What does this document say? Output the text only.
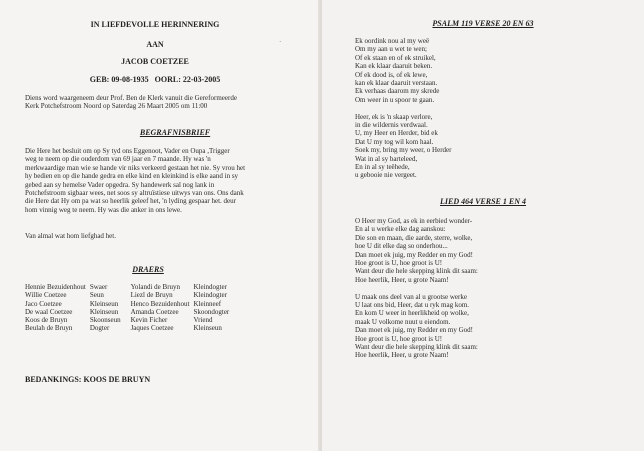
IN LIEFDEVOLLE HERINNERING
AAN
JACOB COETZEE
GEB: 09-08-1935   OORL: 22-03-2005
Diens word waargeneem deur Prof. Ben de Klerk vanuit die Gereformeerde
Kerk Potchefstroom Noord op Saterdag 26 Maart 2005 om 11:00
BEGRAFNISBRIEF
Die Here het besluit om op Sy tyd ons Eggenoot, Vader en Oupa ,Trigger
weg te neem op die ouderdom van 69 jaar en 7 maande. Hy was 'n
merkwaardige man wie se hande vir niks verkeerd gestaan het nie. Sy vrou het
hy bedien en op die hande gedra en elke kind en kleinkind is elke aand in sy
gebed aan sy hemelse Vader opgedra. Sy handewerk sal nog lank in
Potchefstroom sigbaar wees, net soos sy altruïstiese uitwys van ons. Ons dank
die Here dat Hy om pa wat so heerlik geleef het, 'n lyding gespaar het. deur
hom vinnig weg te neem. Hy was die anker in ons lewe.
Van almal wat hom liefghad het.
DRAERS
Hennie Bezuidenhout	Swaer	Yolandi de Bruyn	Kleindogter
Willie Coetzee	Seun	Liezl de Bruyn	Kleindogter
Jaco Coetzee	Kleinseun	Henco Bezuidenhout	Kleinneef
De waal Coetzee	Kleinseun	Amanda Coetzee	Skoondogter
Koos de Bruyn	Skoonseun	Kevin Ficher	Vriend
Beulah de Bruyn	Dogter	Jaques Coetzee	Kleinseun
BEDANKINGS: KOOS DE BRUYN
·
PSALM 119 VERSE 20 EN 63
Ek oordink nou al my weë
Om my aan u wet te wen;
Of ek staan en of ek struikel,
Kan ek klaar daaruit beken.
Of ek dood is, of ek lewe,
kan ek klaar daaruit verstaan.
Ek verhaas daarom my skrede
Om weer in u spoor te gaan.
Heer, ek is 'n skaap verlore,
in die wildernis verdwaal.
U, my Heer en Herder, bid ek
Dat U my tog wil kom haal.
Soek my, bring my weer, o Herder
Wat in al sy barteleed,
En in al sy teëhede,
u gebooie nie vergeet.
LIED 464 VERSE 1 EN 4
O Heer my God, as ek in eerbied wonder-
En al u werke elke dag aanskou:
Die son en maan, die aarde, sterre, wolke,
hoe U dit elke dag so onderhou...
Dan moet ek juig, my Redder en my God!
Hoe groot is U, hoe groot is U!
Want deur die hele skepping klink dit saam:
Hoe heerlik, Heer, u grote Naam!
U maak ons deel van al u grootse werke
U laat ons bid, Heer, dat u ryk mag kom.
En kom U weer in heerlikheid op wolke,
maak U volkome nuut u eiendom.
Dan moet ek juig, my Redder en my God!
Hoe groot is U, hoe groot is U!
Want deur die hele skepping klink dit saam:
Hoe heerlik, Heer, u grote Naam!
